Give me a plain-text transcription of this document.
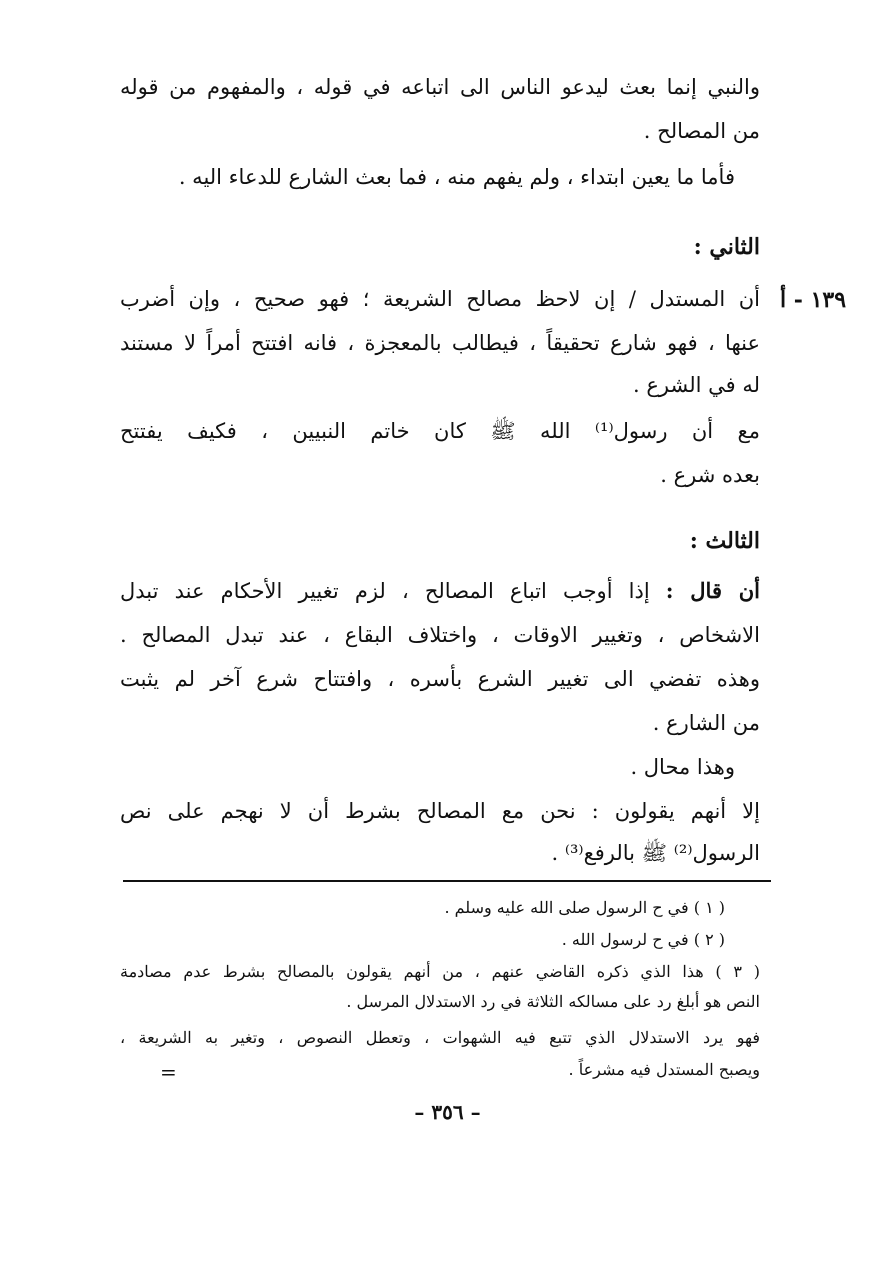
والنبي إنما بعث ليدعو الناس الى اتباعه في قوله ، والمفهوم من قوله
من المصالح .
فأما ما يعين ابتداء ، ولم يفهم منه ، فما بعث الشارع للدعاء اليه .
الثاني :
١٣٩ - أ
أن المستدل / إن لاحظ مصالح الشريعة ؛ فهو صحيح ، وإن أضرب
عنها ، فهو شارع تحقيقاً ، فيطالب بالمعجزة ، فانه افتتح أمراً لا مستند
له في الشرع .
مع أن رسول⁽¹⁾ الله ﷺ كان خاتم النبيين ، فكيف يفتتح
بعده شرع .
الثالث :
أن قال : إذا أوجب اتباع المصالح ، لزم تغيير الأحكام عند تبدل
الاشخاص ، وتغيير الاوقات ، واختلاف البقاع ، عند تبدل المصالح .
وهذه تفضي الى تغيير الشرع بأسره ، وافتتاح شرع آخر لم يثبت
من الشارع .
وهذا محال .
إلا أنهم يقولون : نحن مع المصالح بشرط أن لا نهجم على نص
الرسول⁽²⁾ ﷺ بالرفع⁽³⁾ .
( ١ ) في ح الرسول صلى الله عليه وسلم .
( ٢ ) في ح لرسول الله .
( ٣ ) هذا الذي ذكره القاضي عنهم ، من أنهم يقولون بالمصالح بشرط عدم مصادمة
النص هو أبلغ رد على مسالكه الثلاثة في رد الاستدلال المرسل .
فهو يرد الاستدلال الذي تتبع فيه الشهوات ، وتعطل النصوص ، وتغير به الشريعة ،
ويصبح المستدل فيه مشرعاً .
=
– ٣٥٦ –
